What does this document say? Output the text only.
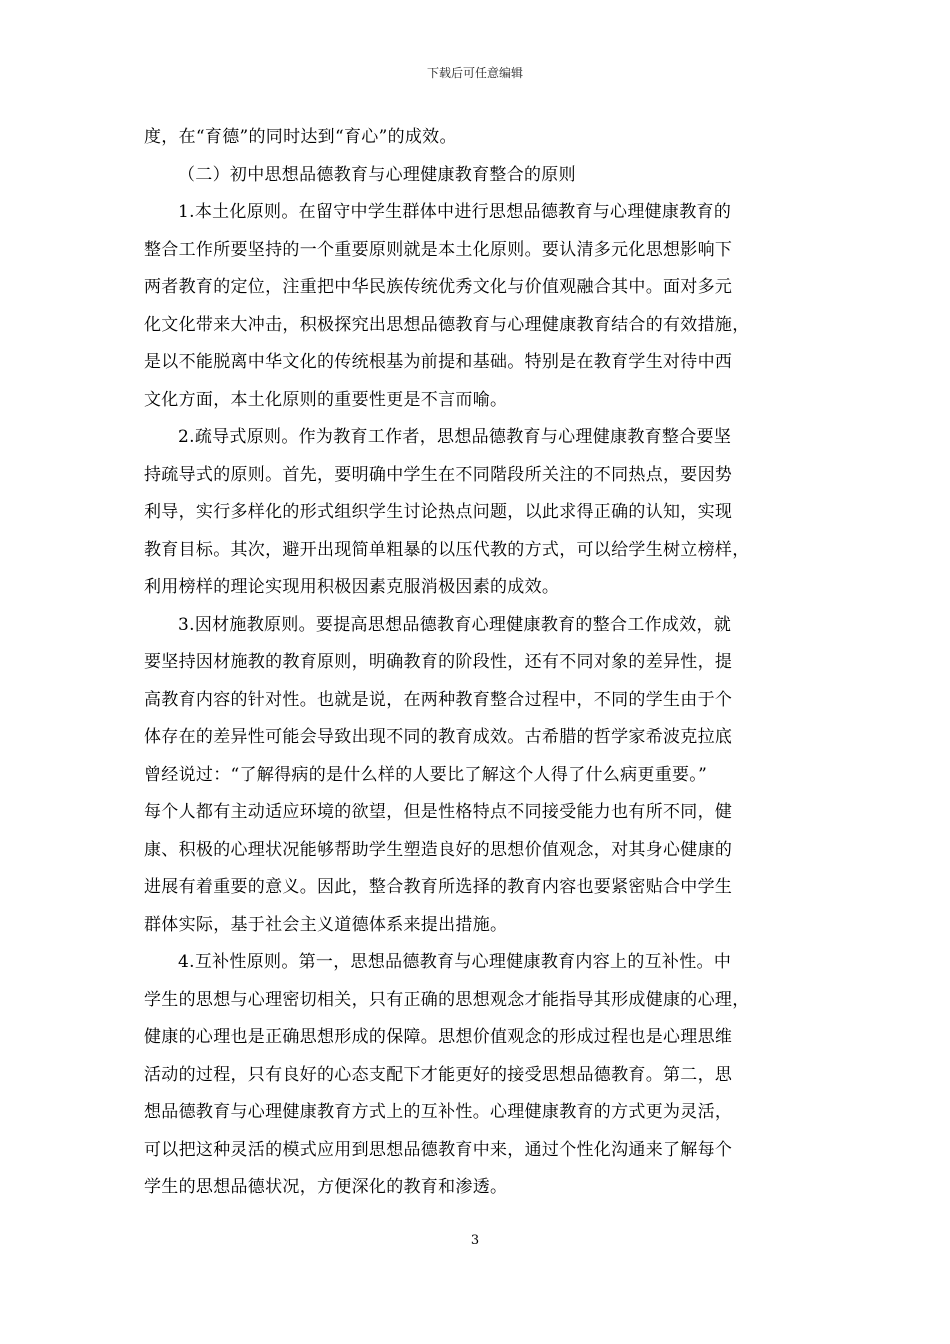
下载后可任意编辑
度，在“育德”的同时达到“育心”的成效。
（二）初中思想品德教育与心理健康教育整合的原则
1.本土化原则。在留守中学生群体中进行思想品德教育与心理健康教育的
整合工作所要坚持的一个重要原则就是本土化原则。要认清多元化思想影响下
两者教育的定位，注重把中华民族传统优秀文化与价值观融合其中。面对多元
化文化带来大冲击，积极探究出思想品德教育与心理健康教育结合的有效措施，
是以不能脱离中华文化的传统根基为前提和基础。特别是在教育学生对待中西
文化方面，本土化原则的重要性更是不言而喻。
2.疏导式原则。作为教育工作者，思想品德教育与心理健康教育整合要坚
持疏导式的原则。首先，要明确中学生在不同階段所关注的不同热点，要因势
利导，实行多样化的形式组织学生讨论热点问题，以此求得正确的认知，实现
教育目标。其次，避开出现简单粗暴的以压代教的方式，可以给学生树立榜样，
利用榜样的理论实现用积极因素克服消极因素的成效。
3.因材施教原则。要提高思想品德教育心理健康教育的整合工作成效，就
要坚持因材施教的教育原则，明确教育的阶段性，还有不同对象的差异性，提
高教育内容的针对性。也就是说，在两种教育整合过程中，不同的学生由于个
体存在的差异性可能会导致出现不同的教育成效。古希腊的哲学家希波克拉底
曾经说过：“了解得病的是什么样的人要比了解这个人得了什么病更重要。”
每个人都有主动适应环境的欲望，但是性格特点不同接受能力也有所不同，健
康、积极的心理状况能够帮助学生塑造良好的思想价值观念，对其身心健康的
进展有着重要的意义。因此，整合教育所选择的教育内容也要紧密贴合中学生
群体实际，基于社会主义道德体系来提出措施。
4.互补性原则。第一，思想品德教育与心理健康教育内容上的互补性。中
学生的思想与心理密切相关，只有正确的思想观念才能指导其形成健康的心理，
健康的心理也是正确思想形成的保障。思想价值观念的形成过程也是心理思维
活动的过程，只有良好的心态支配下才能更好的接受思想品德教育。第二，思
想品德教育与心理健康教育方式上的互补性。心理健康教育的方式更为灵活，
可以把这种灵活的模式应用到思想品德教育中来，通过个性化沟通来了解每个
学生的思想品德状况，方便深化的教育和渗透。
3
